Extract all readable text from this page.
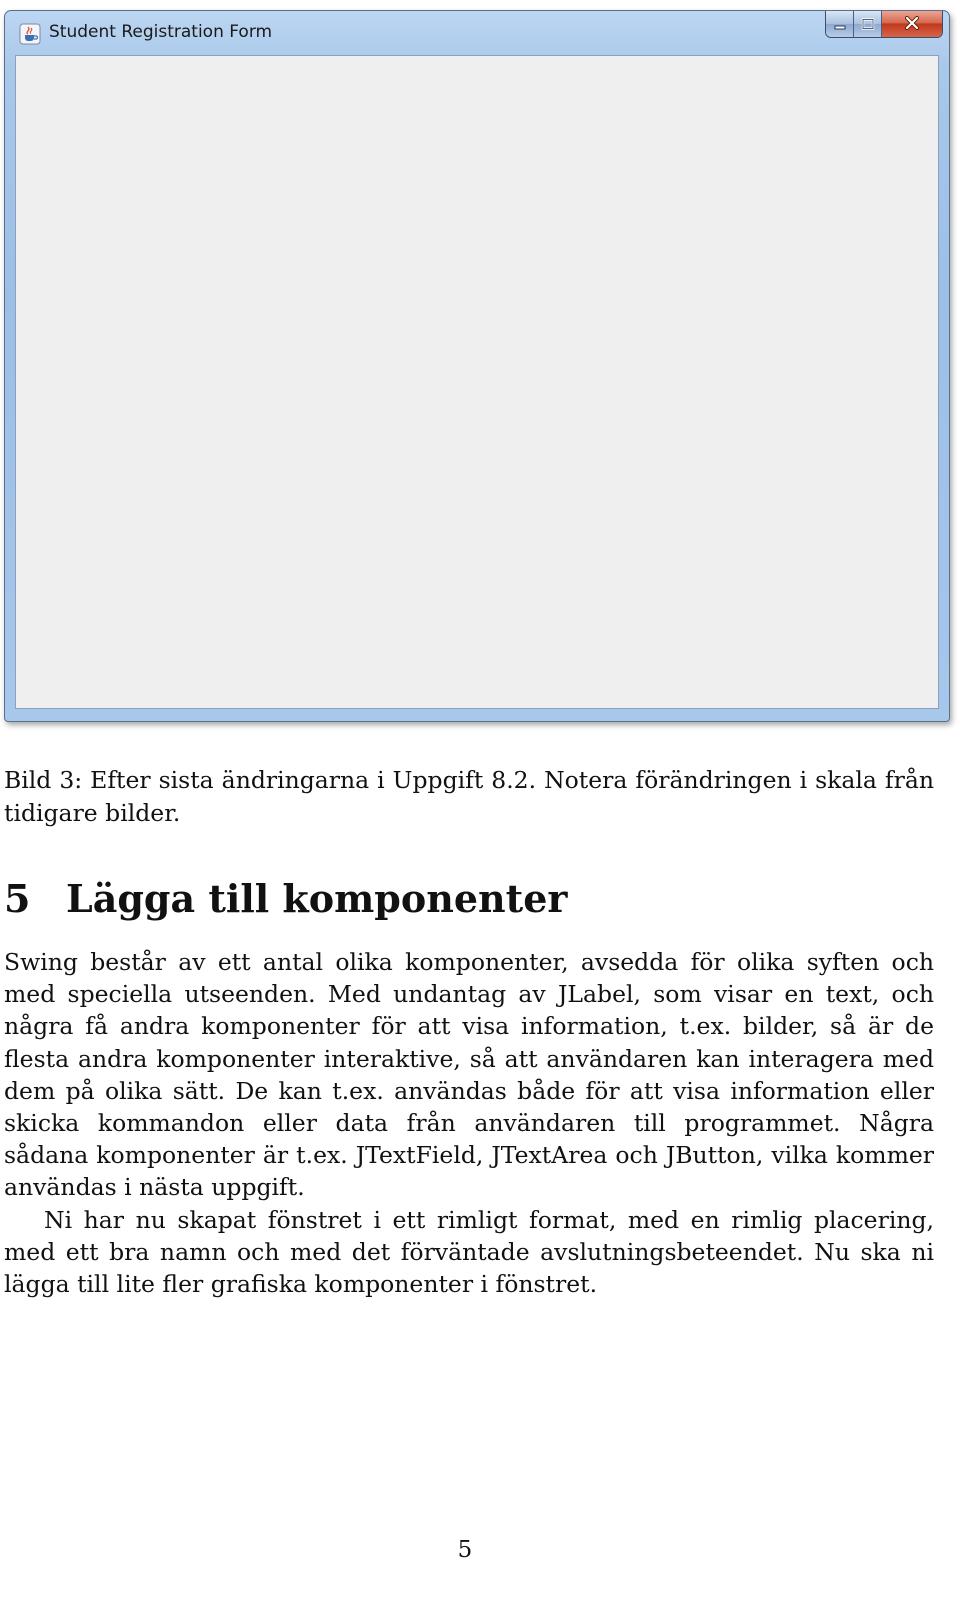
Student Registration Form

Bild 3: Efter sista ändringarna i Uppgift 8.2. Notera förändringen i skala från tidigare bilder.

5 Lägga till komponenter

Swing består av ett antal olika komponenter, avsedda för olika syften och med speciella utseenden. Med undantag av JLabel, som visar en text, och några få andra komponenter för att visa information, t.ex. bilder, så är de flesta andra komponenter interaktive, så att användaren kan interagera med dem på olika sätt. De kan t.ex. användas både för att visa information eller skicka kommandon eller data från användaren till programmet. Några sådana komponenter är t.ex. JTextField, JTextArea och JButton, vilka kommer användas i nästa uppgift.

Ni har nu skapat fönstret i ett rimligt format, med en rimlig placering, med ett bra namn och med det förväntade avslutningsbeteendet. Nu ska ni lägga till lite fler grafiska komponenter i fönstret.

5
